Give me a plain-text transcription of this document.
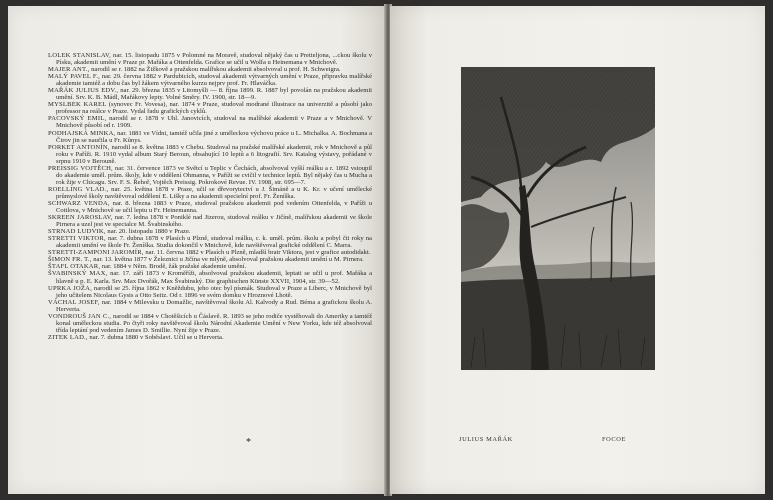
LOLEK STANISLAV, nar. 15. listopadu 1875 v Polomné na Moravě, studoval nějaký čas u Pretteljona, ...ckou školu v Písku, akademii umění v Praze pr. Mařáka a Ottenfelda. Grafice se učil u Wolfa u Heinemana v Mnichově.

MAJER ANT., narodil se r. 1882 na Žižkově a pražskou malířskou akademii absolvoval u prof. H. Schweigra.

MALÝ PAVEL F., nar. 29. června 1882 v Pardubicích, studoval akademii výtvarných umění v Praze, připravku malířské akademie tamtéž a dobu čas byl žákem výtvarného kurzu nejprv prof. Fr. Hlaváčka.

MAŘÁK JULIUS EDV., nar. 29. března 1835 v Litomyšli — 8. října 1899. R. 1887 byl povolán na pražskou akademii umění. Srv. K. B. Mádl, Mařákovy lepty. Volné Směry. IV. 1900, str. 18—9.

MYSLBEK KAREL (synovec Fr. Vovesa), nar. 1874 v Praze, studoval modrané illustrace na univerzitě a působí jako professor na reálce v Praze. Vydal řadu grafických cyklů.

PACOVSKÝ EMIL, narodil se r. 1878 v Uhl. Janovicích, studoval na malířské akademii v Praze a v Mnichově. V Mnichově působí od r. 1909.

PODHAJSKÁ MINKA, nar. 1881 ve Vídni, tamtéž učila jiné z uměleckou výchovu práce u L. Michalka. A. Bochmana a Čirov jin se naučila u Fr. Kůnys.

PORKET ANTONÍN, narodil se 8. května 1883 v Chebu. Studoval na pražské malířské akademii, rok v Mnichově a půl roku v Paříži. R. 1910 vydal album Starý Beroun, obsahující 10 leptů a 6 litografií. Srv. Katalog výstavy, pořádané v srpnu 1910 v Berouně.

PREISSIG VOJTĚCH, nar. 31. července 1873 ve Světcí u Teplic v Čechách, absolvoval vyšší reálku a r. 1892 vstoupil do akademie uměl. prům. školy, kde v oddělení Ohmanna, v Paříži se cvičil v technice leptů. Byl nějaký čas u Mucha a rok žije v Chicagu. Srv. F. S. Řehoř, Vojtěch Preissig. Pokrokové Revue. IV. 1908, str. 695—7.

ROELLING VLAD., nar. 25. května 1878 v Praze, učil se dřevorytectví u J. Šimáně a u K. Kr. v učení umělecké průmyslové školy navštěvoval oddělení E. Lišky a na akademii specielní prof. Fr. Ženíška.

SCHWARZ VENDA, nar. 8. března 1883 v Praze, studoval pražskou akademii pod vedením Ottenfelda, v Paříži u Cottlova, v Mnichově se učil leptu u Fr. Heinemanna.

SKREEN JAROSLAV, nar. 7. ledna 1878 v Poniklé nad Jizerou, studoval reálku v Jičíně, malířskou akademii ve škole Pirnera a uzel jest ve specialce M. Švabinského.

STRNAD LUDVIK, nar. 20. listopadu 1880 v Praze.

STRETTI VIKTOR, nar. 7. dubna 1878 v Plasích u Plzně, studoval reálku, c. k. uměl. prům. školu a pobyl čti roky na akademii umění ve škole Fr. Ženíška. Studia dokončil v Mnichově, kde navštěvoval grafické oddělení C. Marra.

STRETTI-ZAMPONI JAROMÍR, nar. 11. června 1882 v Plasích u Plzně, mladší bratr Viktora, jest v grafice autodidakt.

ŠIMON FR. T., nar. 13. května 1877 v Železnici u Jičína ve mlýně, absolvoval pražskou akademii umění u M. Pirnera.

ŠTAFL OTAKAR, nar. 1884 v Něm. Brodě, žák pražské akademie umění.

ŠVABINSKÝ MAX, nar. 17. září 1873 v Kroměříži, absolvoval pražskou akademii, leptati se učil u prof. Mařáka a hlavně u p. E. Karla. Srv. Max Dvořák, Max Švabinský. Die graphischen Künste XXVII, 1904, str. 39—52.

UPRKA JOŽA, narodil se 25. října 1862 v Kněždubu, jeho otec byl písmák. Studoval v Praze a Liberc, v Mnichově byl jeho učitelem Nicolaus Gysis a Otto Seitz. Od r. 1896 ve svém domku v Hroznové Lhotě.

VÁCHAL JOSEF, nar. 1884 v Milevsku u Domažlic, navštěvoval školu Al. Kalvody a Rud. Béma a grafickou školu A. Herverta.

VONDROUŠ JAN C., narodil se 1884 v Chotěšicích u Čáslavě. R. 1893 se jeho rodiče vystěhovali do Ameriky a tamtéž konal uměleckou studia. Po čtyři roky navštěvoval školu Národní Akademie Umění v New Yorku, kde též absolvoval třída leptání pod vedením James D. Smillie. Nyní žije v Praze.

ZITEK LAD., nar. 7. dubna 1880 v Soběslavi. Učil se u Herverta.

*	JULIUS MAŘÁK	FOCOE
